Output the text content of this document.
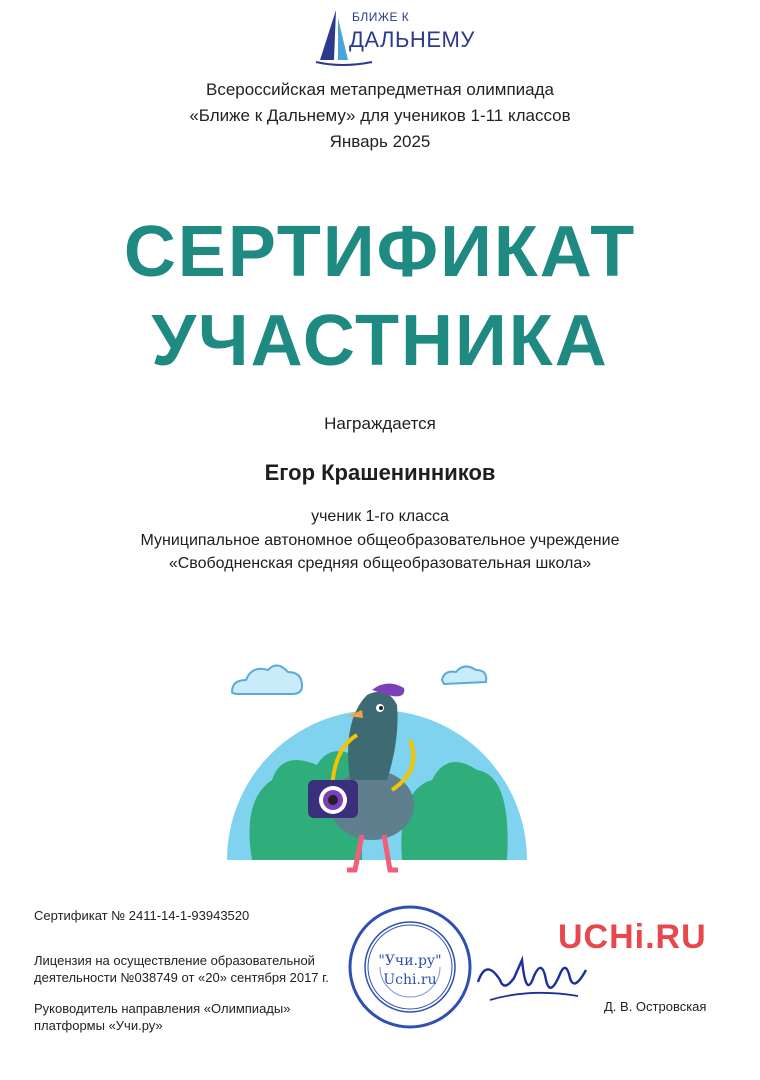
БЛИЖЕ К
ДАЛЬНЕМУ
Всероссийская метапредметная олимпиада
«Ближе к Дальнему» для учеников 1-11 классов
Январь 2025
СЕРТИФИКАТ
УЧАСТНИКА
Награждается
Егор Крашенинников
ученик 1-го класса
Муниципальное автономное общеобразовательное учреждение
«Свободненская средняя общеобразовательная школа»
Сертификат № 2411-14-1-93943520
Лицензия на осуществление образовательной
деятельности №038749 от «20» сентября 2017 г.
Руководитель направления «Олимпиады»
платформы «Учи.ру»
"Учи.ру"
Uchi.ru
UCHi.RU
Д. В. Островская
